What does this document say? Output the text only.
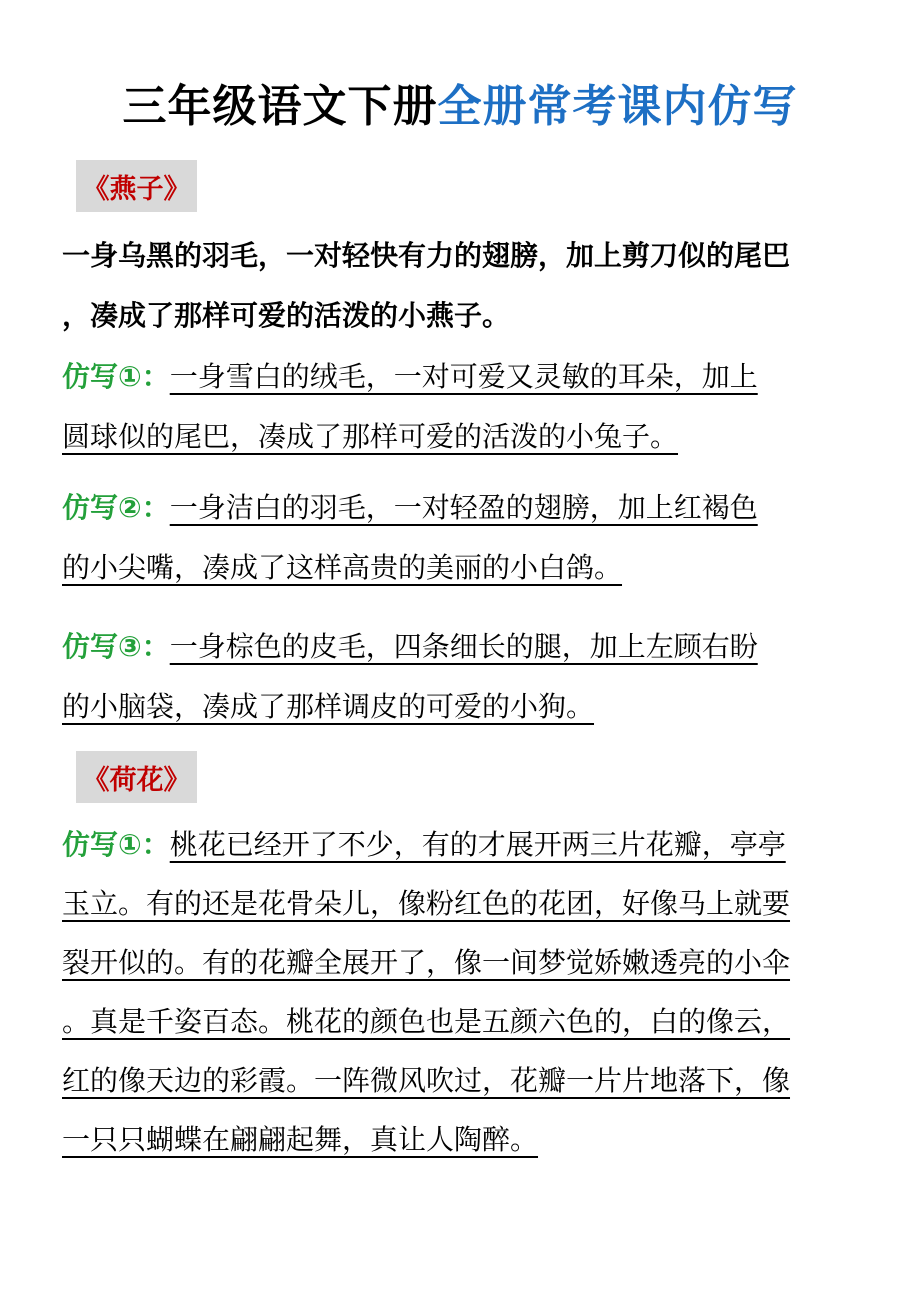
三年级语文下册全册常考课内仿写
《燕子》
一身乌黑的羽毛，一对轻快有力的翅膀，加上剪刀似的尾巴
，凑成了那样可爱的活泼的小燕子。
仿写①：一身雪白的绒毛，一对可爱又灵敏的耳朵，加上
圆球似的尾巴，凑成了那样可爱的活泼的小兔子。
仿写②：一身洁白的羽毛，一对轻盈的翅膀，加上红褐色
的小尖嘴，凑成了这样高贵的美丽的小白鸽。
仿写③：一身棕色的皮毛，四条细长的腿，加上左顾右盼
的小脑袋，凑成了那样调皮的可爱的小狗。
《荷花》
仿写①：桃花已经开了不少，有的才展开两三片花瓣，亭亭
玉立。有的还是花骨朵儿，像粉红色的花团，好像马上就要
裂开似的。有的花瓣全展开了，像一间梦觉娇嫩透亮的小伞
。真是千姿百态。桃花的颜色也是五颜六色的，白的像云，
红的像天边的彩霞。一阵微风吹过，花瓣一片片地落下，像
一只只蝴蝶在翩翩起舞，真让人陶醉。
